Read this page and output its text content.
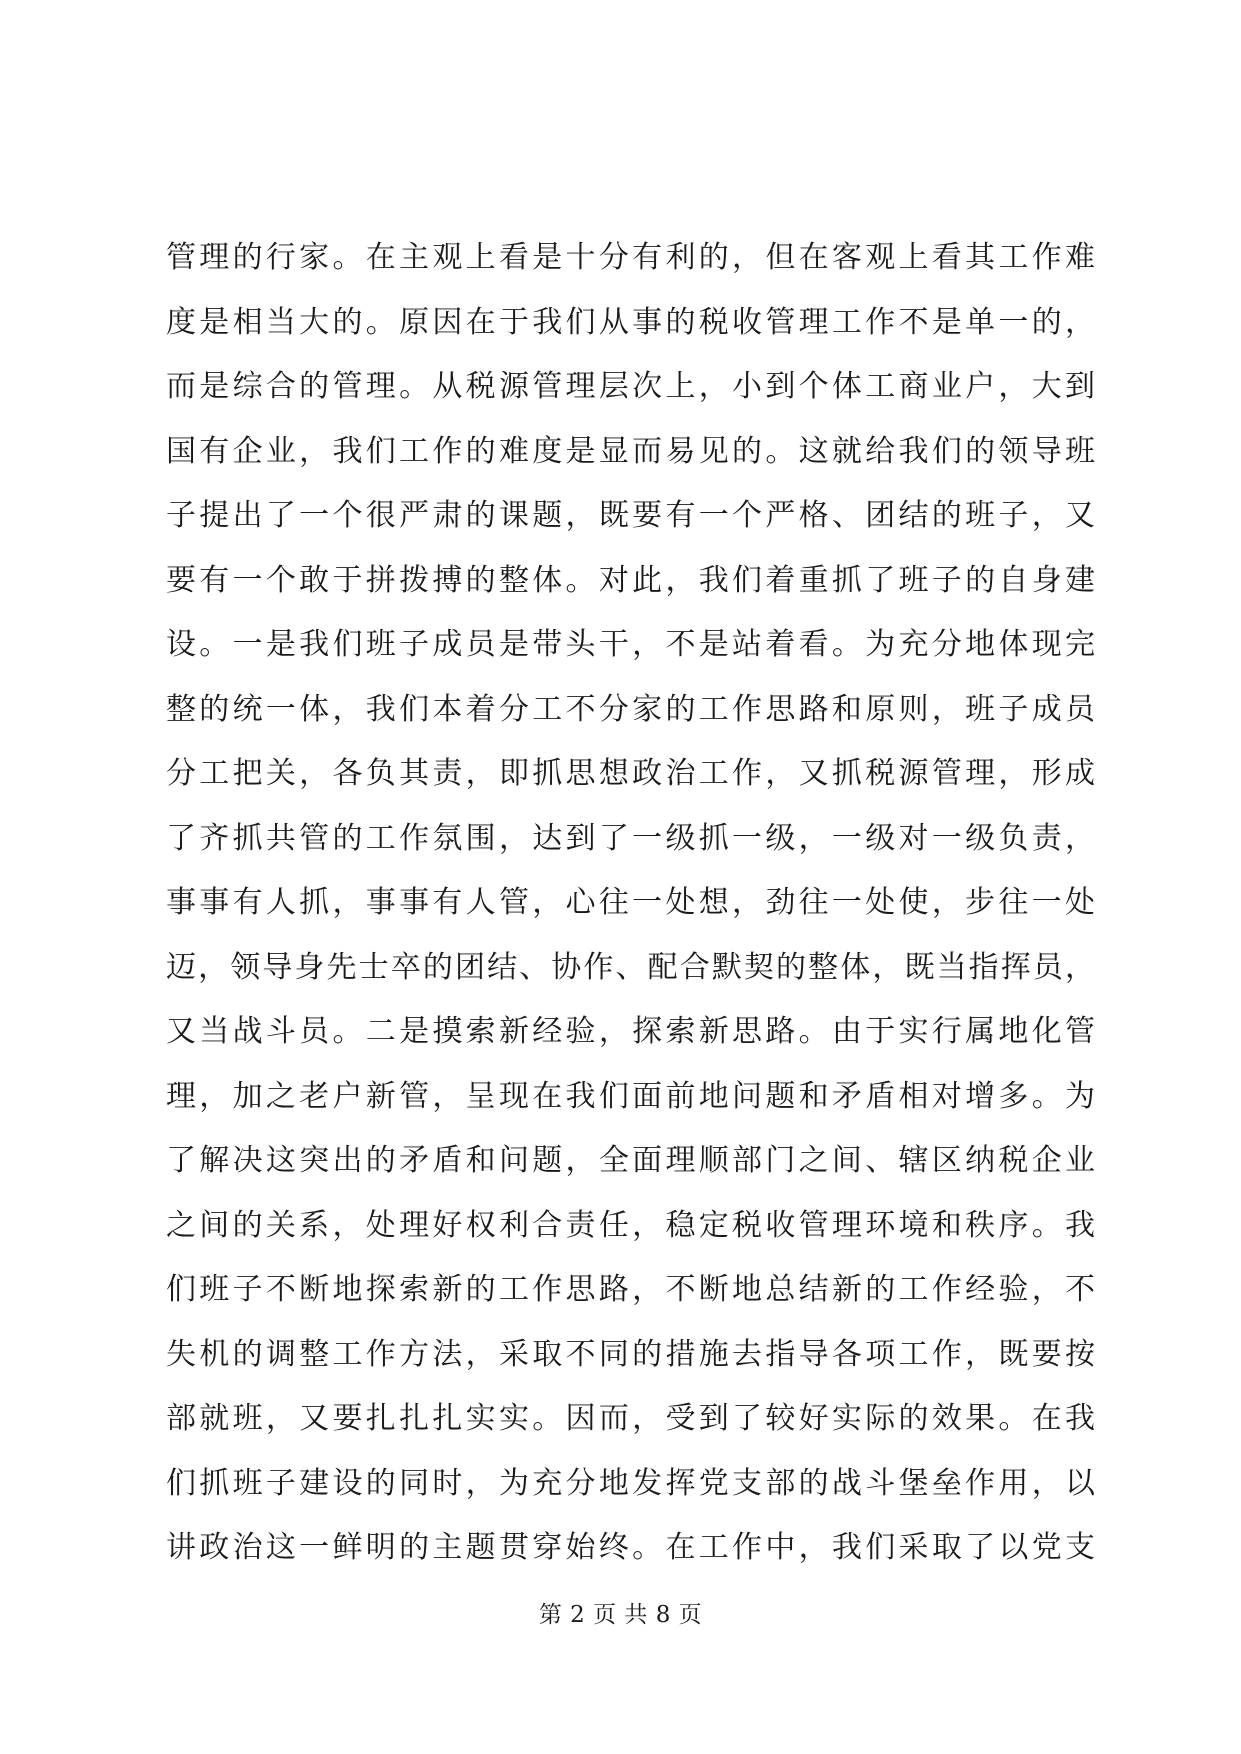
管理的行家。在主观上看是十分有利的，但在客观上看其工作难
度是相当大的。原因在于我们从事的税收管理工作不是单一的，
而是综合的管理。从税源管理层次上，小到个体工商业户，大到
国有企业，我们工作的难度是显而易见的。这就给我们的领导班
子提出了一个很严肃的课题，既要有一个严格、团结的班子，又
要有一个敢于拼拨搏的整体。对此，我们着重抓了班子的自身建
设。一是我们班子成员是带头干，不是站着看。为充分地体现完
整的统一体，我们本着分工不分家的工作思路和原则，班子成员
分工把关，各负其责，即抓思想政治工作，又抓税源管理，形成
了齐抓共管的工作氛围，达到了一级抓一级，一级对一级负责，
事事有人抓，事事有人管，心往一处想，劲往一处使，步往一处
迈，领导身先士卒的团结、协作、配合默契的整体，既当指挥员，
又当战斗员。二是摸索新经验，探索新思路。由于实行属地化管
理，加之老户新管，呈现在我们面前地问题和矛盾相对增多。为
了解决这突出的矛盾和问题，全面理顺部门之间、辖区纳税企业
之间的关系，处理好权利合责任，稳定税收管理环境和秩序。我
们班子不断地探索新的工作思路，不断地总结新的工作经验，不
失机的调整工作方法，采取不同的措施去指导各项工作，既要按
部就班，又要扎扎扎实实。因而，受到了较好实际的效果。在我
们抓班子建设的同时，为充分地发挥党支部的战斗堡垒作用，以
讲政治这一鲜明的主题贯穿始终。在工作中，我们采取了以党支
第 2 页 共 8 页
